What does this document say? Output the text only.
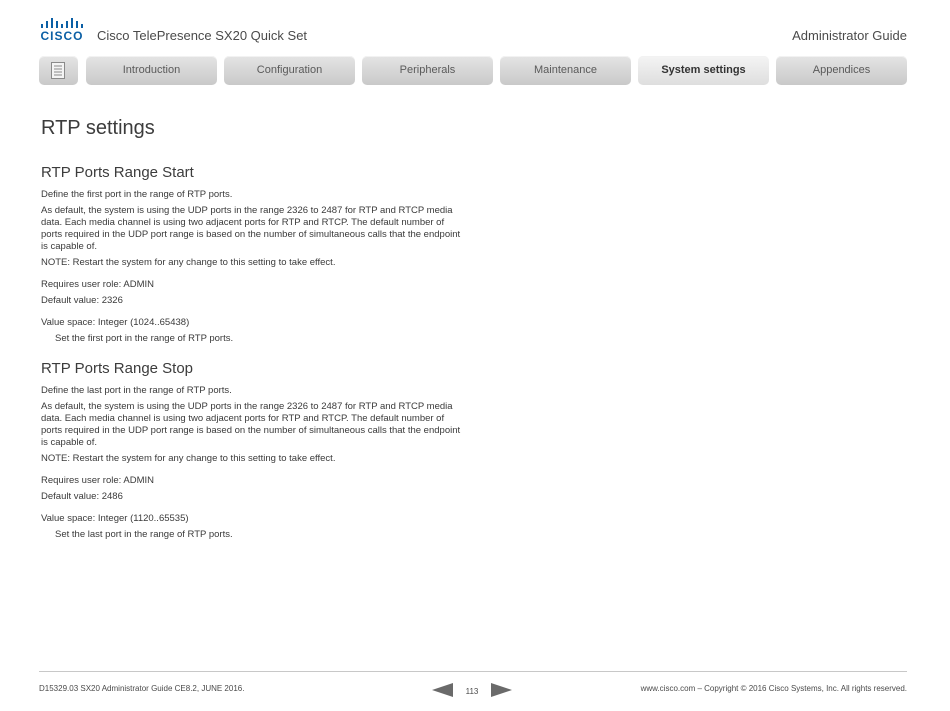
CISCO Cisco TelePresence SX20 Quick Set	Administrator Guide
Introduction	Configuration	Peripherals	Maintenance	System settings	Appendices
RTP settings
RTP Ports Range Start

Define the first port in the range of RTP ports.

As default, the system is using the UDP ports in the range 2326 to 2487 for RTP and RTCP media data. Each media channel is using two adjacent ports for RTP and RTCP. The default number of ports required in the UDP port range is based on the number of simultaneous calls that the endpoint is capable of.

NOTE: Restart the system for any change to this setting to take effect.

Requires user role: ADMIN

Default value: 2326

Value space: Integer (1024..65438)

Set the first port in the range of RTP ports.

RTP Ports Range Stop

Define the last port in the range of RTP ports.

As default, the system is using the UDP ports in the range 2326 to 2487 for RTP and RTCP media data. Each media channel is using two adjacent ports for RTP and RTCP. The default number of ports required in the UDP port range is based on the number of simultaneous calls that the endpoint is capable of.

NOTE: Restart the system for any change to this setting to take effect.

Requires user role: ADMIN

Default value: 2486

Value space: Integer (1120..65535)

Set the last port in the range of RTP ports.

D15329.03 SX20 Administrator Guide CE8.2, JUNE 2016.	113	www.cisco.com – Copyright © 2016 Cisco Systems, Inc. All rights reserved.
